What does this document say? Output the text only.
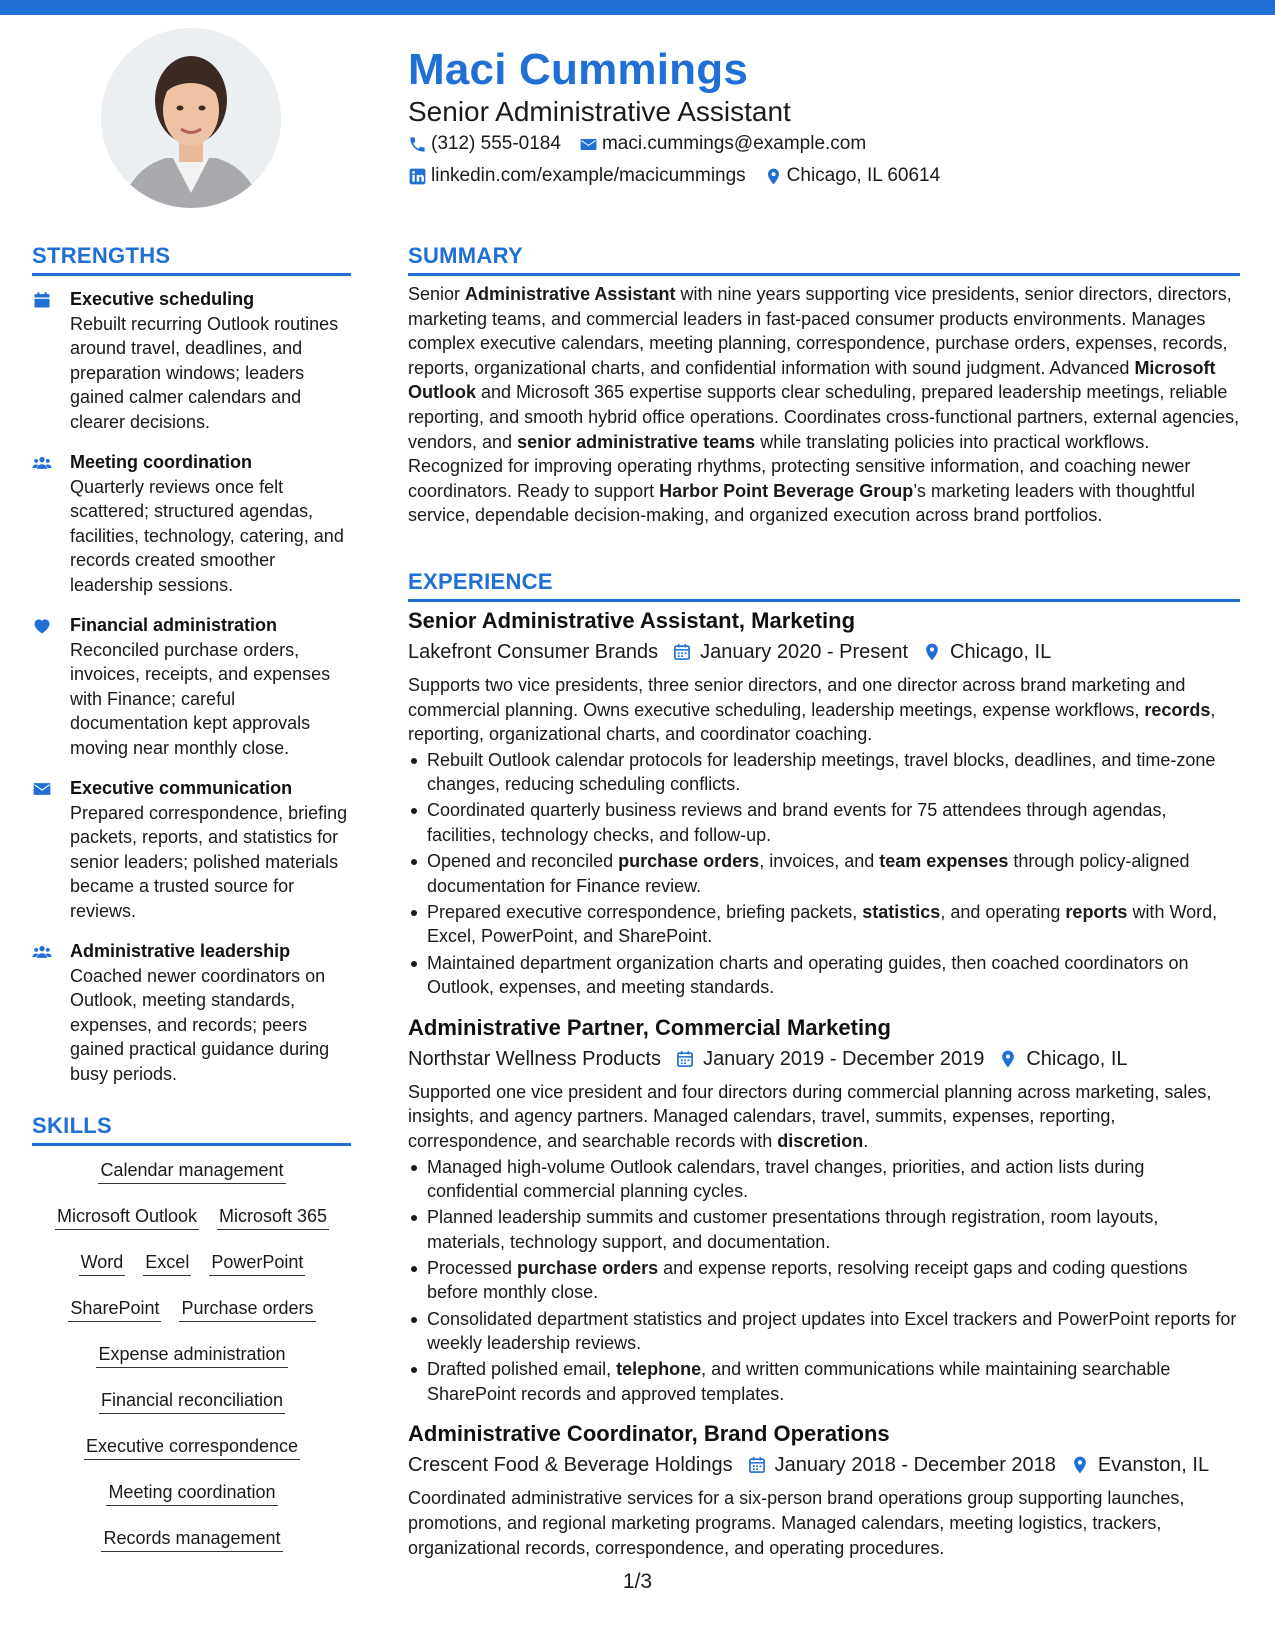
Maci Cummings
Senior Administrative Assistant
(312) 555-0184 maci.cummings@example.com
linkedin.com/example/macicummings Chicago, IL 60614
STRENGTHS
Executive scheduling
Rebuilt recurring Outlook routines around travel, deadlines, and preparation windows; leaders gained calmer calendars and clearer decisions.
Meeting coordination
Quarterly reviews once felt scattered; structured agendas, facilities, technology, catering, and records created smoother leadership sessions.
Financial administration
Reconciled purchase orders, invoices, receipts, and expenses with Finance; careful documentation kept approvals moving near monthly close.
Executive communication
Prepared correspondence, briefing packets, reports, and statistics for senior leaders; polished materials became a trusted source for reviews.
Administrative leadership
Coached newer coordinators on Outlook, meeting standards, expenses, and records; peers gained practical guidance during busy periods.
SKILLS
Calendar management
Microsoft Outlook Microsoft 365
Word Excel PowerPoint
SharePoint Purchase orders
Expense administration
Financial reconciliation
Executive correspondence
Meeting coordination
Records management
SUMMARY
Senior Administrative Assistant with nine years supporting vice presidents, senior directors, directors, marketing teams, and commercial leaders in fast-paced consumer products environments. Manages complex executive calendars, meeting planning, correspondence, purchase orders, expenses, records, reports, organizational charts, and confidential information with sound judgment. Advanced Microsoft Outlook and Microsoft 365 expertise supports clear scheduling, prepared leadership meetings, reliable reporting, and smooth hybrid office operations. Coordinates cross-functional partners, external agencies, vendors, and senior administrative teams while translating policies into practical workflows. Recognized for improving operating rhythms, protecting sensitive information, and coaching newer coordinators. Ready to support Harbor Point Beverage Group’s marketing leaders with thoughtful service, dependable decision-making, and organized execution across brand portfolios.
EXPERIENCE
Senior Administrative Assistant, Marketing
Lakefront Consumer Brands January 2020 - Present Chicago, IL
Supports two vice presidents, three senior directors, and one director across brand marketing and commercial planning. Owns executive scheduling, leadership meetings, expense workflows, records, reporting, organizational charts, and coordinator coaching.
Rebuilt Outlook calendar protocols for leadership meetings, travel blocks, deadlines, and time-zone changes, reducing scheduling conflicts.
Coordinated quarterly business reviews and brand events for 75 attendees through agendas, facilities, technology checks, and follow-up.
Opened and reconciled purchase orders, invoices, and team expenses through policy-aligned documentation for Finance review.
Prepared executive correspondence, briefing packets, statistics, and operating reports with Word, Excel, PowerPoint, and SharePoint.
Maintained department organization charts and operating guides, then coached coordinators on Outlook, expenses, and meeting standards.
Administrative Partner, Commercial Marketing
Northstar Wellness Products January 2019 - December 2019 Chicago, IL
Supported one vice president and four directors during commercial planning across marketing, sales, insights, and agency partners. Managed calendars, travel, summits, expenses, reporting, correspondence, and searchable records with discretion.
Managed high-volume Outlook calendars, travel changes, priorities, and action lists during confidential commercial planning cycles.
Planned leadership summits and customer presentations through registration, room layouts, materials, technology support, and documentation.
Processed purchase orders and expense reports, resolving receipt gaps and coding questions before monthly close.
Consolidated department statistics and project updates into Excel trackers and PowerPoint reports for weekly leadership reviews.
Drafted polished email, telephone, and written communications while maintaining searchable SharePoint records and approved templates.
Administrative Coordinator, Brand Operations
Crescent Food & Beverage Holdings January 2018 - December 2018 Evanston, IL
Coordinated administrative services for a six-person brand operations group supporting launches, promotions, and regional marketing programs. Managed calendars, meeting logistics, trackers, organizational records, correspondence, and operating procedures.
1/3
